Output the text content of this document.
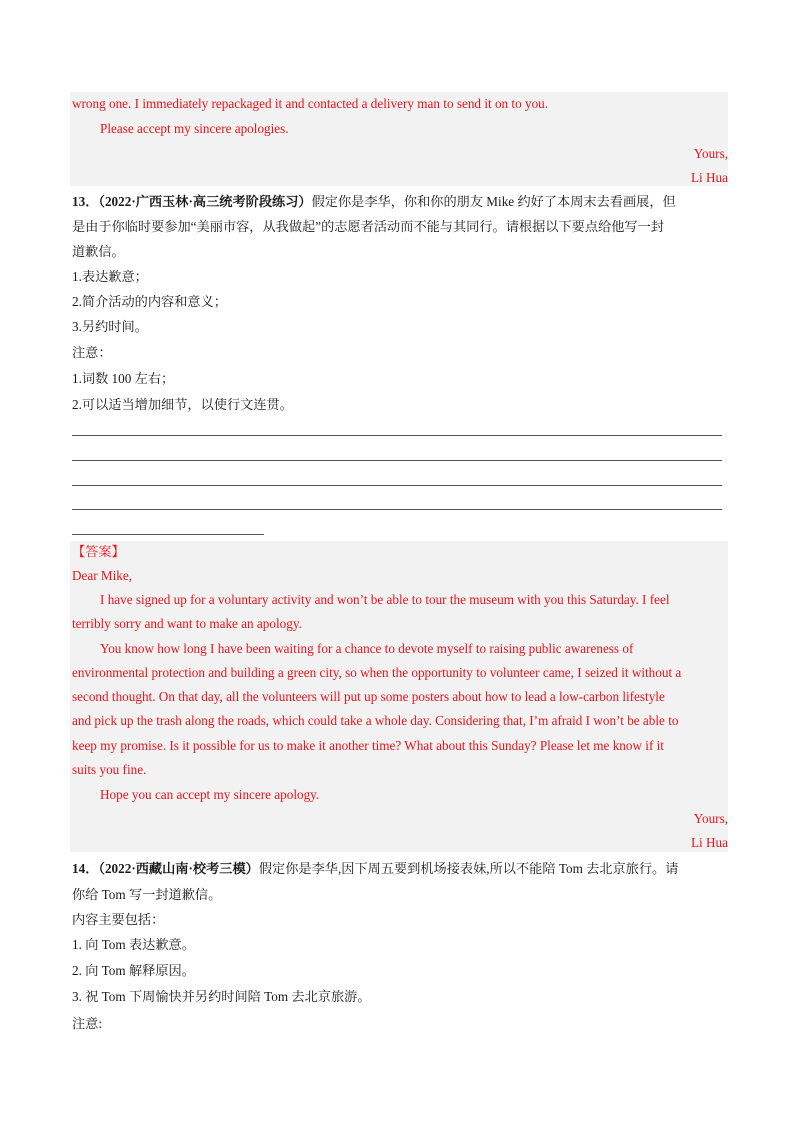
wrong one. I immediately repackaged it and contacted a delivery man to send it on to you.
Please accept my sincere apologies.
Yours,
Li Hua
13．（2022·广西玉林·高三统考阶段练习）假定你是李华，你和你的朋友 Mike 约好了本周末去看画展，但
是由于你临时要参加“美丽市容，从我做起”的志愿者活动而不能与其同行。请根据以下要点给他写一封
道歉信。
1.表达歉意；
2.简介活动的内容和意义；
3.另约时间。
注意：
1.词数 100 左右；
2.可以适当增加细节，以使行文连贯。
【答案】
Dear Mike,
I have signed up for a voluntary activity and won’t be able to tour the museum with you this Saturday. I feel
terribly sorry and want to make an apology.
You know how long I have been waiting for a chance to devote myself to raising public awareness of
environmental protection and building a green city, so when the opportunity to volunteer came, I seized it without a
second thought. On that day, all the volunteers will put up some posters about how to lead a low-carbon lifestyle
and pick up the trash along the roads, which could take a whole day. Considering that, I’m afraid I won’t be able to
keep my promise. Is it possible for us to make it another time? What about this Sunday? Please let me know if it
suits you fine.
Hope you can accept my sincere apology.
Yours,
Li Hua
14．（2022·西藏山南·校考三模）假定你是李华,因下周五要到机场接表妹,所以不能陪 Tom 去北京旅行。请
你给 Tom 写一封道歉信。
内容主要包括：
1. 向 Tom 表达歉意。
2. 向 Tom 解释原因。
3. 祝 Tom 下周愉快并另约时间陪 Tom 去北京旅游。
注意:
